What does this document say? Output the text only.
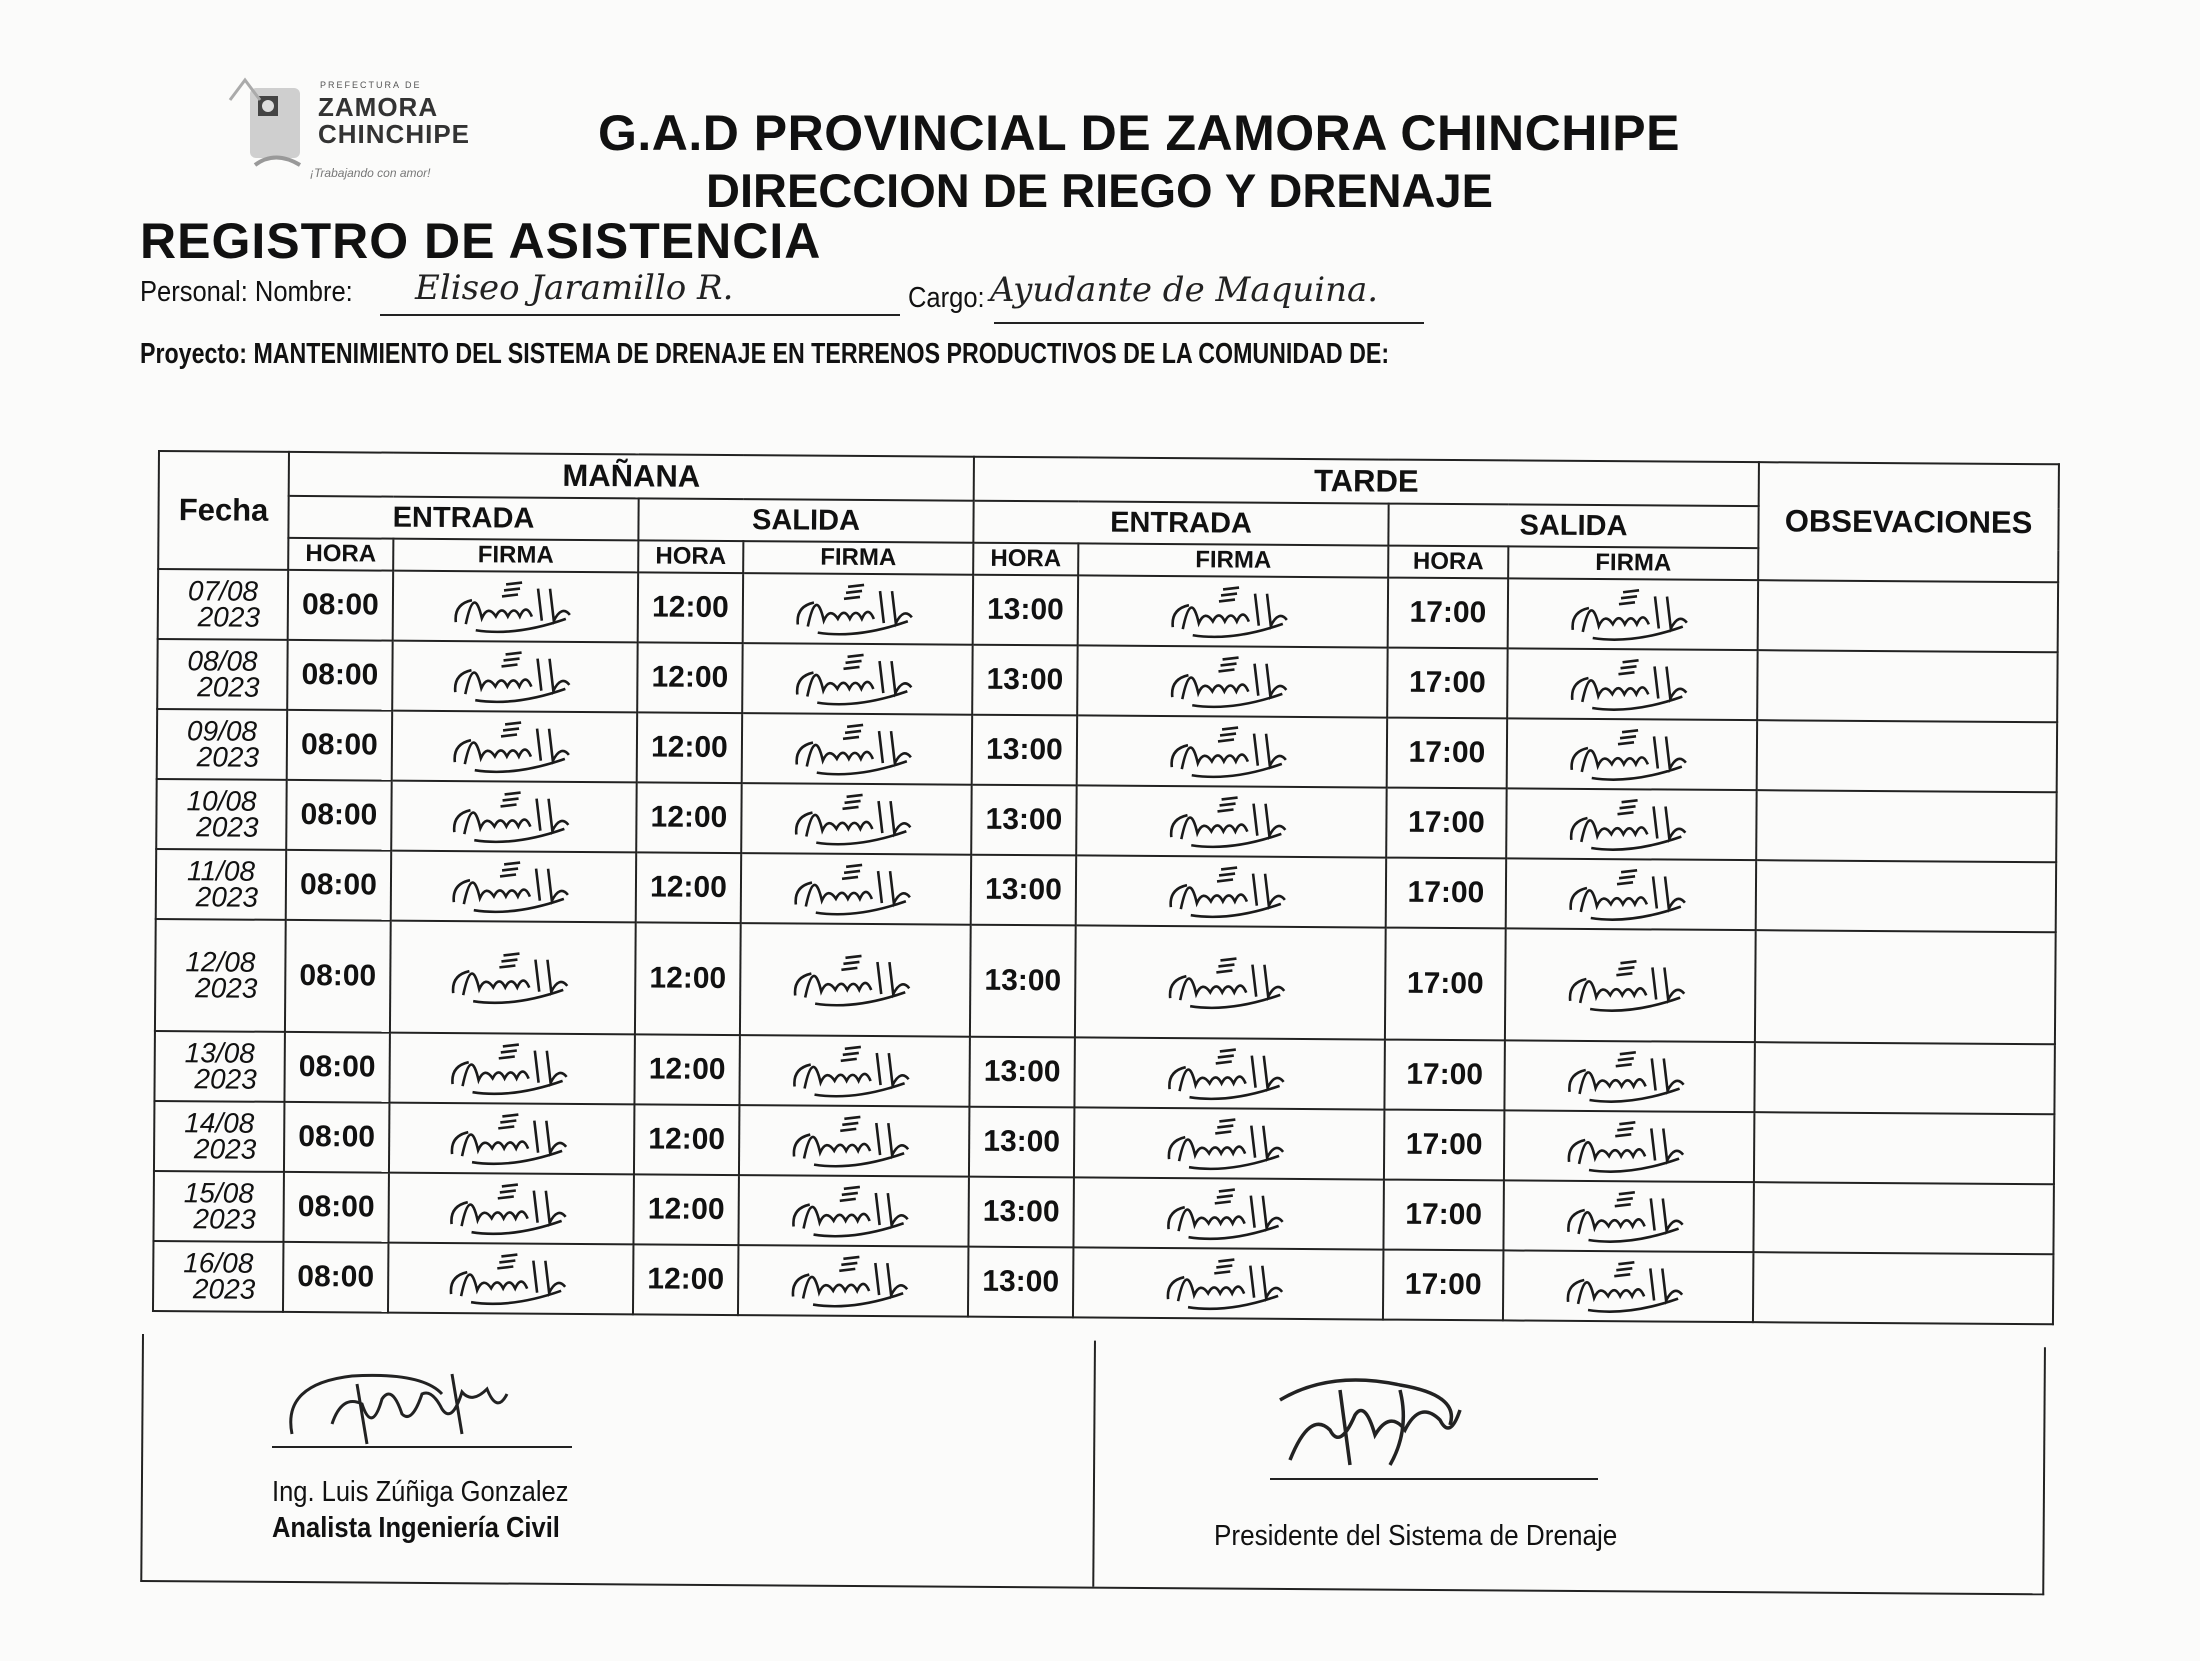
PREFECTURA DE
ZAMORA
CHINCHIPE
¡Trabajando con amor!
G.A.D PROVINCIAL DE ZAMORA CHINCHIPE
DIRECCION DE RIEGO Y DRENAJE
REGISTRO DE ASISTENCIA
Personal: Nombre: Eliseo Jaramillo R.	Cargo: Ayudante de Maquina.
Proyecto: MANTENIMIENTO DEL SISTEMA DE DRENAJE EN TERRENOS PRODUCTIVOS DE LA COMUNIDAD DE:
Fecha	MAÑANA				TARDE				OBSEVACIONES
	ENTRADA		SALIDA		ENTRADA		SALIDA		
	HORA	FIRMA	HORA	FIRMA	HORA	FIRMA	HORA	FIRMA	

07/08
2023	08:00		12:00		13:00		17:00	

08/08
2023	08:00		12:00		13:00		17:00	

09/08
2023	08:00		12:00		13:00		17:00	

10/08
2023	08:00		12:00		13:00		17:00	

11/08
2023	08:00		12:00		13:00		17:00	

12/08
2023	08:00		12:00		13:00		17:00	

13/08
2023	08:00		12:00		13:00		17:00	

14/08
2023	08:00		12:00		13:00		17:00	

15/08
2023	08:00		12:00		13:00		17:00	

16/08
2023	08:00		12:00		13:00		17:00	

Ing. Luis Zúñiga Gonzalez
Analista Ingeniería Civil	Presidente del Sistema de Drenaje
